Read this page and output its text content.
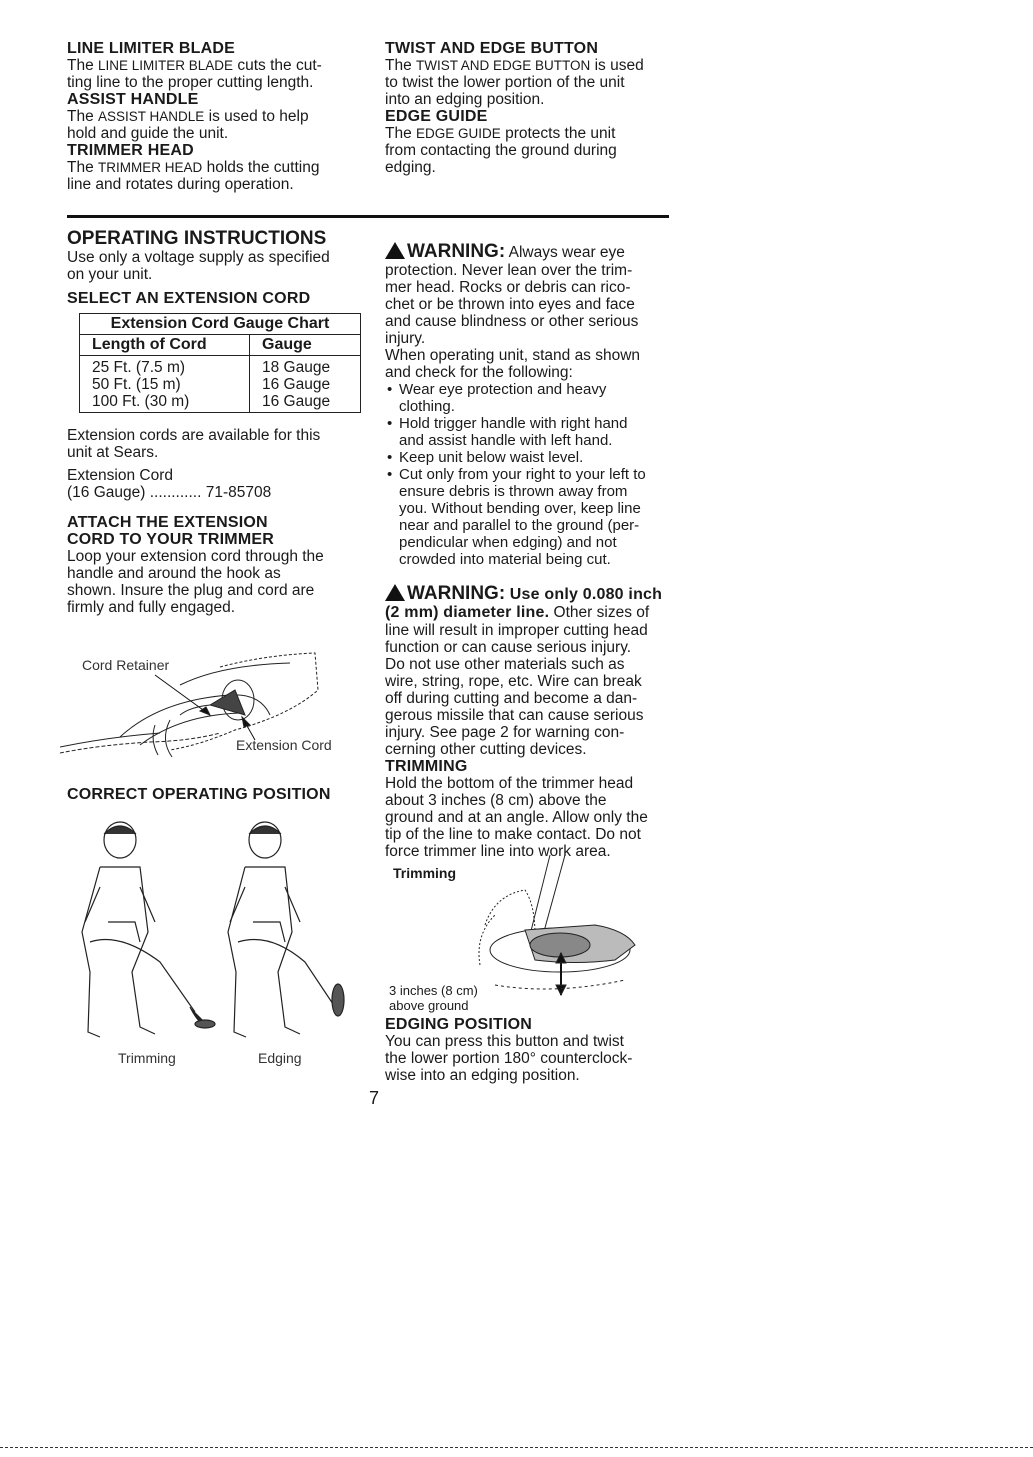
LINE LIMITER BLADE

The LINE LIMITER BLADE cuts the cut-

ting line to the proper cutting length.

ASSIST HANDLE

The ASSIST HANDLE is used to help

hold and guide the unit.

TRIMMER HEAD

The TRIMMER HEAD holds the cutting

line and rotates during operation.

TWIST AND EDGE BUTTON

The TWIST AND EDGE BUTTON is used

to twist the lower portion of the unit

into an edging position.

EDGE GUIDE

The EDGE GUIDE protects the unit

from contacting the ground during

edging.

OPERATING INSTRUCTIONS

Use only a voltage supply as specified

on your unit.

SELECT AN EXTENSION CORD

Extension Cord Gauge Chart
Length of Cord	Gauge
25 Ft. (7.5 m)
50 Ft. (15 m)
100 Ft. (30 m)
18 Gauge
16 Gauge
16 Gauge

Extension cords are available for this

unit at Sears.

Extension Cord

(16 Gauge) ............ 71-85708

ATTACH THE EXTENSION

CORD TO YOUR TRIMMER

Loop your extension cord through the

handle and around the hook as

shown. Insure the plug and cord are

firmly and fully engaged.

Cord Retainer
Extension Cord

CORRECT OPERATING POSITION

Trimming	Edging
WARNING: Always wear eye

protection. Never lean over the trim-

mer head. Rocks or debris can rico-

chet or be thrown into eyes and face

and cause blindness or other serious

injury.

When operating unit, stand as shown

and check for the following:

• Wear eye protection and heavy

clothing.

• Hold trigger handle with right hand

and assist handle with left hand.

• Keep unit below waist level.

• Cut only from your right to your left to

ensure debris is thrown away from

you. Without bending over, keep line

near and parallel to the ground (per-

pendicular when edging) and not

crowded into material being cut.

WARNING: Use only 0.080 inch
(2 mm) diameter line. Other sizes of

line will result in improper cutting head

function or can cause serious injury.

Do not use other materials such as

wire, string, rope, etc. Wire can break

off during cutting and become a dan-

gerous missile that can cause serious

injury. See page 2 for warning con-

cerning other cutting devices.

TRIMMING

Hold the bottom of the trimmer head

about 3 inches (8 cm) above the

ground and at an angle. Allow only the

tip of the line to make contact. Do not

force trimmer line into work area.

Trimming
3 inches (8 cm)
above ground

EDGING POSITION

You can press this button and twist

the lower portion 180° counterclock-

wise into an edging position.

7
